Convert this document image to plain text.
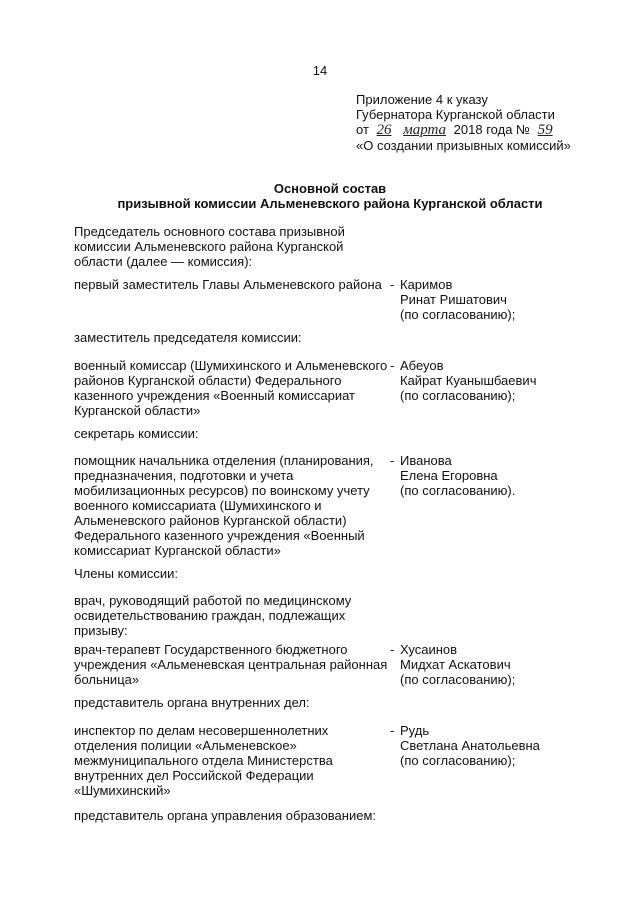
14
Приложение 4 к указу
Губернатора Курганской области
от 26 марта 2018 года № 59
«О создании призывных комиссий»
Основной состав
призывной комиссии Альменевского района Курганской области
Председатель основного состава призывной
комиссии Альменевского района Курганской
области (далее — комиссия):
первый заместитель Главы Альменевского района - Каримов
Ринат Ришатович
(по согласованию);
заместитель председателя комиссии:
военный комиссар (Шумихинского и Альменевского
районов Курганской области) Федерального
казенного учреждения «Военный комиссариат
Курганской области»
- Абеуов
Кайрат Куанышбаевич
(по согласованию);
секретарь комиссии:
помощник начальника отделения (планирования,
предназначения, подготовки и учета
мобилизационных ресурсов) по воинскому учету
военного комиссариата (Шумихинского и
Альменевского районов Курганской области)
Федерального казенного учреждения «Военный
комиссариат Курганской области»
- Иванова
Елена Егоровна
(по согласованию).
Члены комиссии:
врач, руководящий работой по медицинскому
освидетельствованию граждан, подлежащих
призыву:
врач-терапевт Государственного бюджетного
учреждения «Альменевская центральная районная
больница»
- Хусаинов
Мидхат Аскатович
(по согласованию);
представитель органа внутренних дел:
инспектор по делам несовершеннолетних
отделения полиции «Альменевское»
межмуниципального отдела Министерства
внутренних дел Российской Федерации
«Шумихинский»
- Рудь
Светлана Анатольевна
(по согласованию);
представитель органа управления образованием:
